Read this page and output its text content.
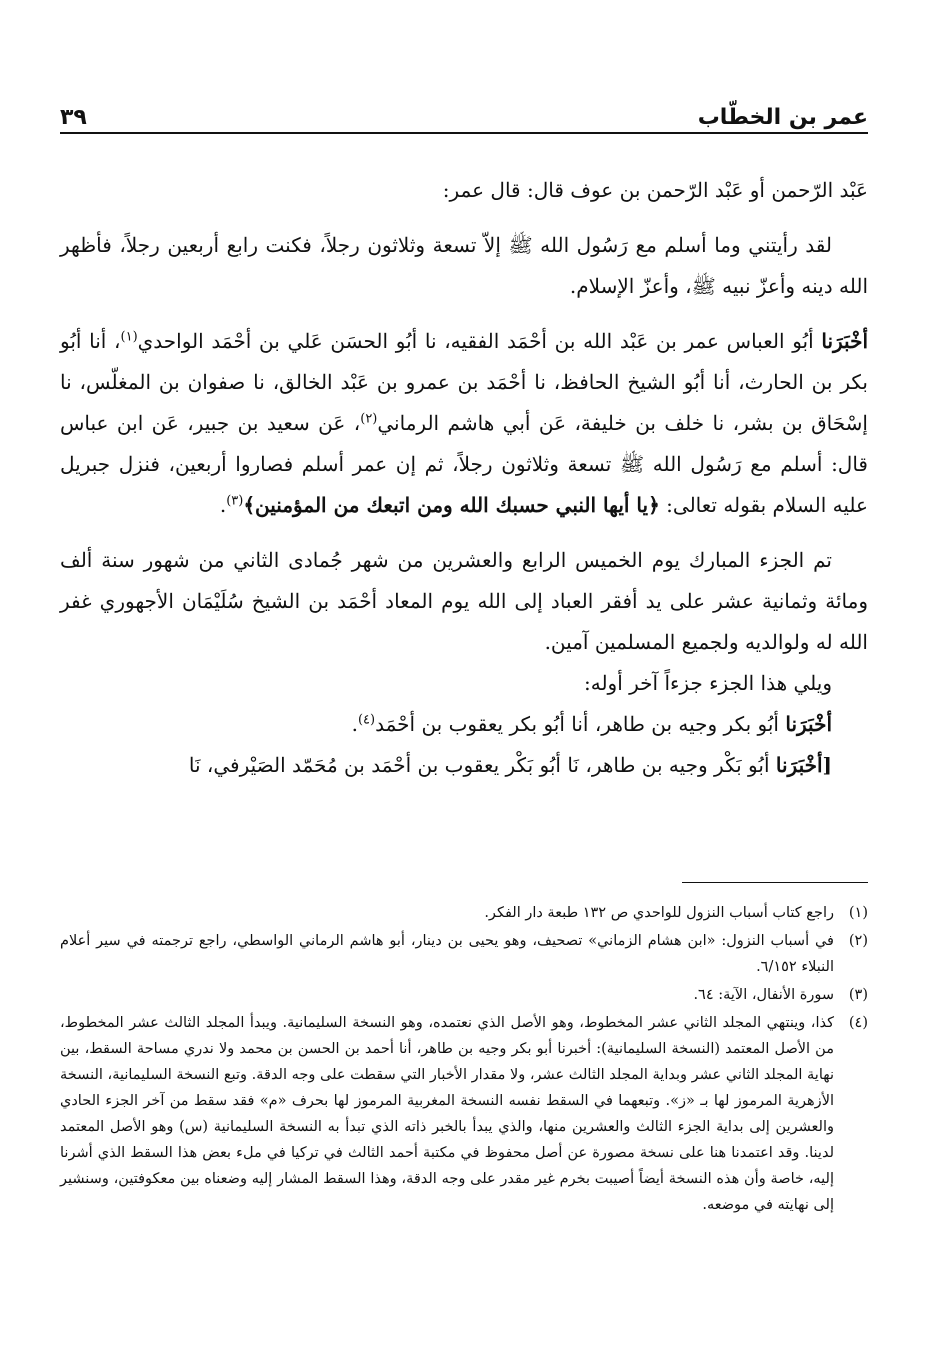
عمر بن الخطّاب
٣٩

عَبْد الرّحمن أو عَبْد الرّحمن بن عوف قال: قال عمر:

لقد رأيتني وما أسلم مع رَسُول الله ﷺ إلاّ تسعة وثلاثون رجلاً، فكنت رابع أربعين رجلاً، فأظهر الله دينه وأعزّ نبيه ﷺ، وأعزّ الإسلام.

أخْبَرَنا أبُو العباس عمر بن عَبْد الله بن أحْمَد الفقيه، نا أبُو الحسَن عَلي بن أحْمَد الواحدي$^{(١)}$، أنا أبُو بكر بن الحارث، أنا أبُو الشيخ الحافظ، نا أحْمَد بن عمرو بن عَبْد الخالق، نا صفوان بن المغلّس، نا إسْحَاق بن بشر، نا خلف بن خليفة، عَن أبي هاشم الرماني$^{(٢)}$، عَن سعيد بن جبير، عَن ابن عباس قال: أسلم مع رَسُول الله ﷺ تسعة وثلاثون رجلاً، ثم إن عمر أسلم فصاروا أربعين، فنزل جبريل عليه السلام بقوله تعالى: ﴿يا أيها النبي حسبك الله ومن اتبعك من المؤمنين﴾$^{(٣)}$.

تم الجزء المبارك يوم الخميس الرابع والعشرين من شهر جُمادى الثاني من شهور سنة ألف ومائة وثمانية عشر على يد أفقر العباد إلى الله يوم المعاد أحْمَد بن الشيخ سُلَيْمَان الأجهوري غفر الله له ولوالديه ولجميع المسلمين آمين.

ويلي هذا الجزء جزءاً آخر أوله:

أخْبَرَنا أبُو بكر وجيه بن طاهر، أنا أبُو بكر يعقوب بن أحْمَد$^{(٤)}$.

[أخْبَرَنا أبُو بَكْر وجيه بن طاهر، نَا أبُو بَكْر يعقوب بن أحْمَد بن مُحَمّد الصَيْرفي، نَا

(١)
راجع كتاب أسباب النزول للواحدي ص ١٣٢ طبعة دار الفكر.
(٢)
في أسباب النزول: «ابن هشام الزماني» تصحيف، وهو يحيى بن دينار، أبو هاشم الرماني الواسطي، راجع ترجمته في سير أعلام النبلاء ٦/١٥٢.
(٣)
سورة الأنفال، الآية: ٦٤.
(٤)
كذا، وينتهي المجلد الثاني عشر المخطوط، وهو الأصل الذي نعتمده، وهو النسخة السليمانية. ويبدأ المجلد الثالث عشر المخطوط، من الأصل المعتمد (النسخة السليمانية): أخبرنا أبو بكر وجيه بن طاهر، أنا أحمد بن الحسن بن محمد ولا ندري مساحة السقط، بين نهاية المجلد الثاني عشر وبداية المجلد الثالث عشر، ولا مقدار الأخبار التي سقطت على وجه الدقة. وتبع النسخة السليمانية، النسخة الأزهرية المرموز لها بـ «ز». وتبعهما في السقط نفسه النسخة المغربية المرموز لها بحرف «م» فقد سقط من آخر الجزء الحادي والعشرين إلى بداية الجزء الثالث والعشرين منها، والذي يبدأ بالخبر ذاته الذي تبدأ به النسخة السليمانية (س) وهو الأصل المعتمد لدينا. وقد اعتمدنا هنا على نسخة مصورة عن أصل محفوظ في مكتبة أحمد الثالث في تركيا في ملء بعض هذا السقط الذي أشرنا إليه، خاصة وأن هذه النسخة أيضاً أصيبت بخرم غير مقدر على وجه الدقة، وهذا السقط المشار إليه وضعناه بين معكوفتين، وسنشير إلى نهايته في موضعه.
